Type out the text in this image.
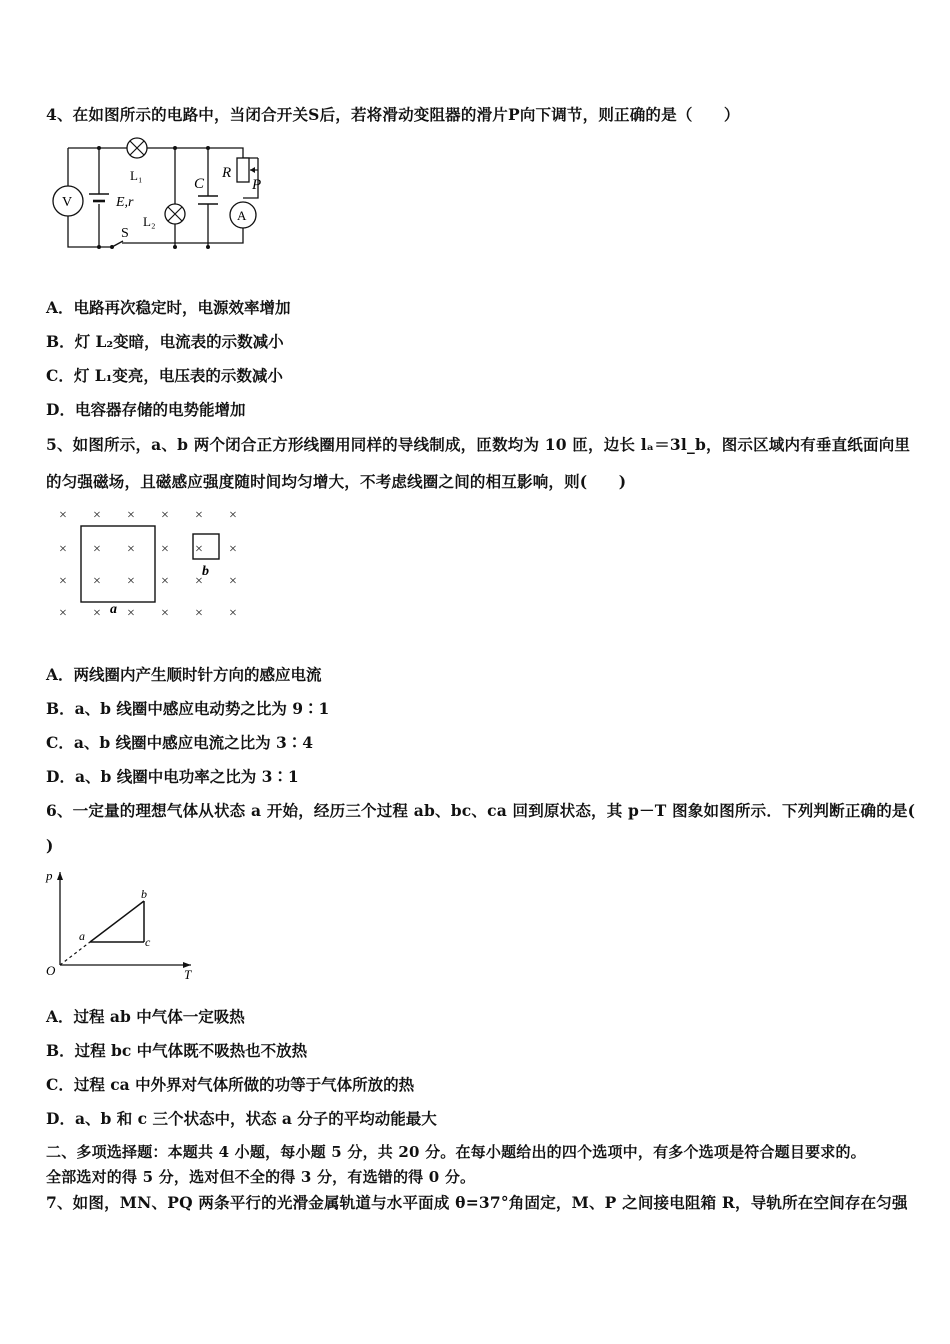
4、在如图所示的电路中，当闭合开关S后，若将滑动变阻器的滑片P向下调节，则正确的是（　　）
V	E,r
L₁
L₂
S
C
R
P
A
A．电路再次稳定时，电源效率增加
B．灯 L₂变暗，电流表的示数减小
C．灯 L₁变亮，电压表的示数减小
D．电容器存储的电势能增加
5、如图所示，a、b 两个闭合正方形线圈用同样的导线制成，匝数均为 10 匝，边长 lₐ＝3l_b，图示区域内有垂直纸面向里
的匀强磁场，且磁感应强度随时间均匀增大，不考虑线圈之间的相互影响，则(　　)
a
b
× × × × × ×
× × × × × ×
× × × × × ×
× × × × × ×
A．两线圈内产生顺时针方向的感应电流
B．a、b 线圈中感应电动势之比为 9∶1
C．a、b 线圈中感应电流之比为 3∶4
D．a、b 线圈中电功率之比为 3∶1
6、一定量的理想气体从状态 a 开始，经历三个过程 ab、bc、ca 回到原状态，其 p－T 图象如图所示．下列判断正确的是(
)
p
T
O
a
b
c
A．过程 ab 中气体一定吸热
B．过程 bc 中气体既不吸热也不放热
C．过程 ca 中外界对气体所做的功等于气体所放的热
D．a、b 和 c 三个状态中，状态 a 分子的平均动能最大
二、多项选择题：本题共 4 小题，每小题 5 分，共 20 分。在每小题给出的四个选项中，有多个选项是符合题目要求的。
全部选对的得 5 分，选对但不全的得 3 分，有选错的得 0 分。
7、如图，MN、PQ 两条平行的光滑金属轨道与水平面成 θ=37°角固定，M、P 之间接电阻箱 R，导轨所在空间存在匀强
